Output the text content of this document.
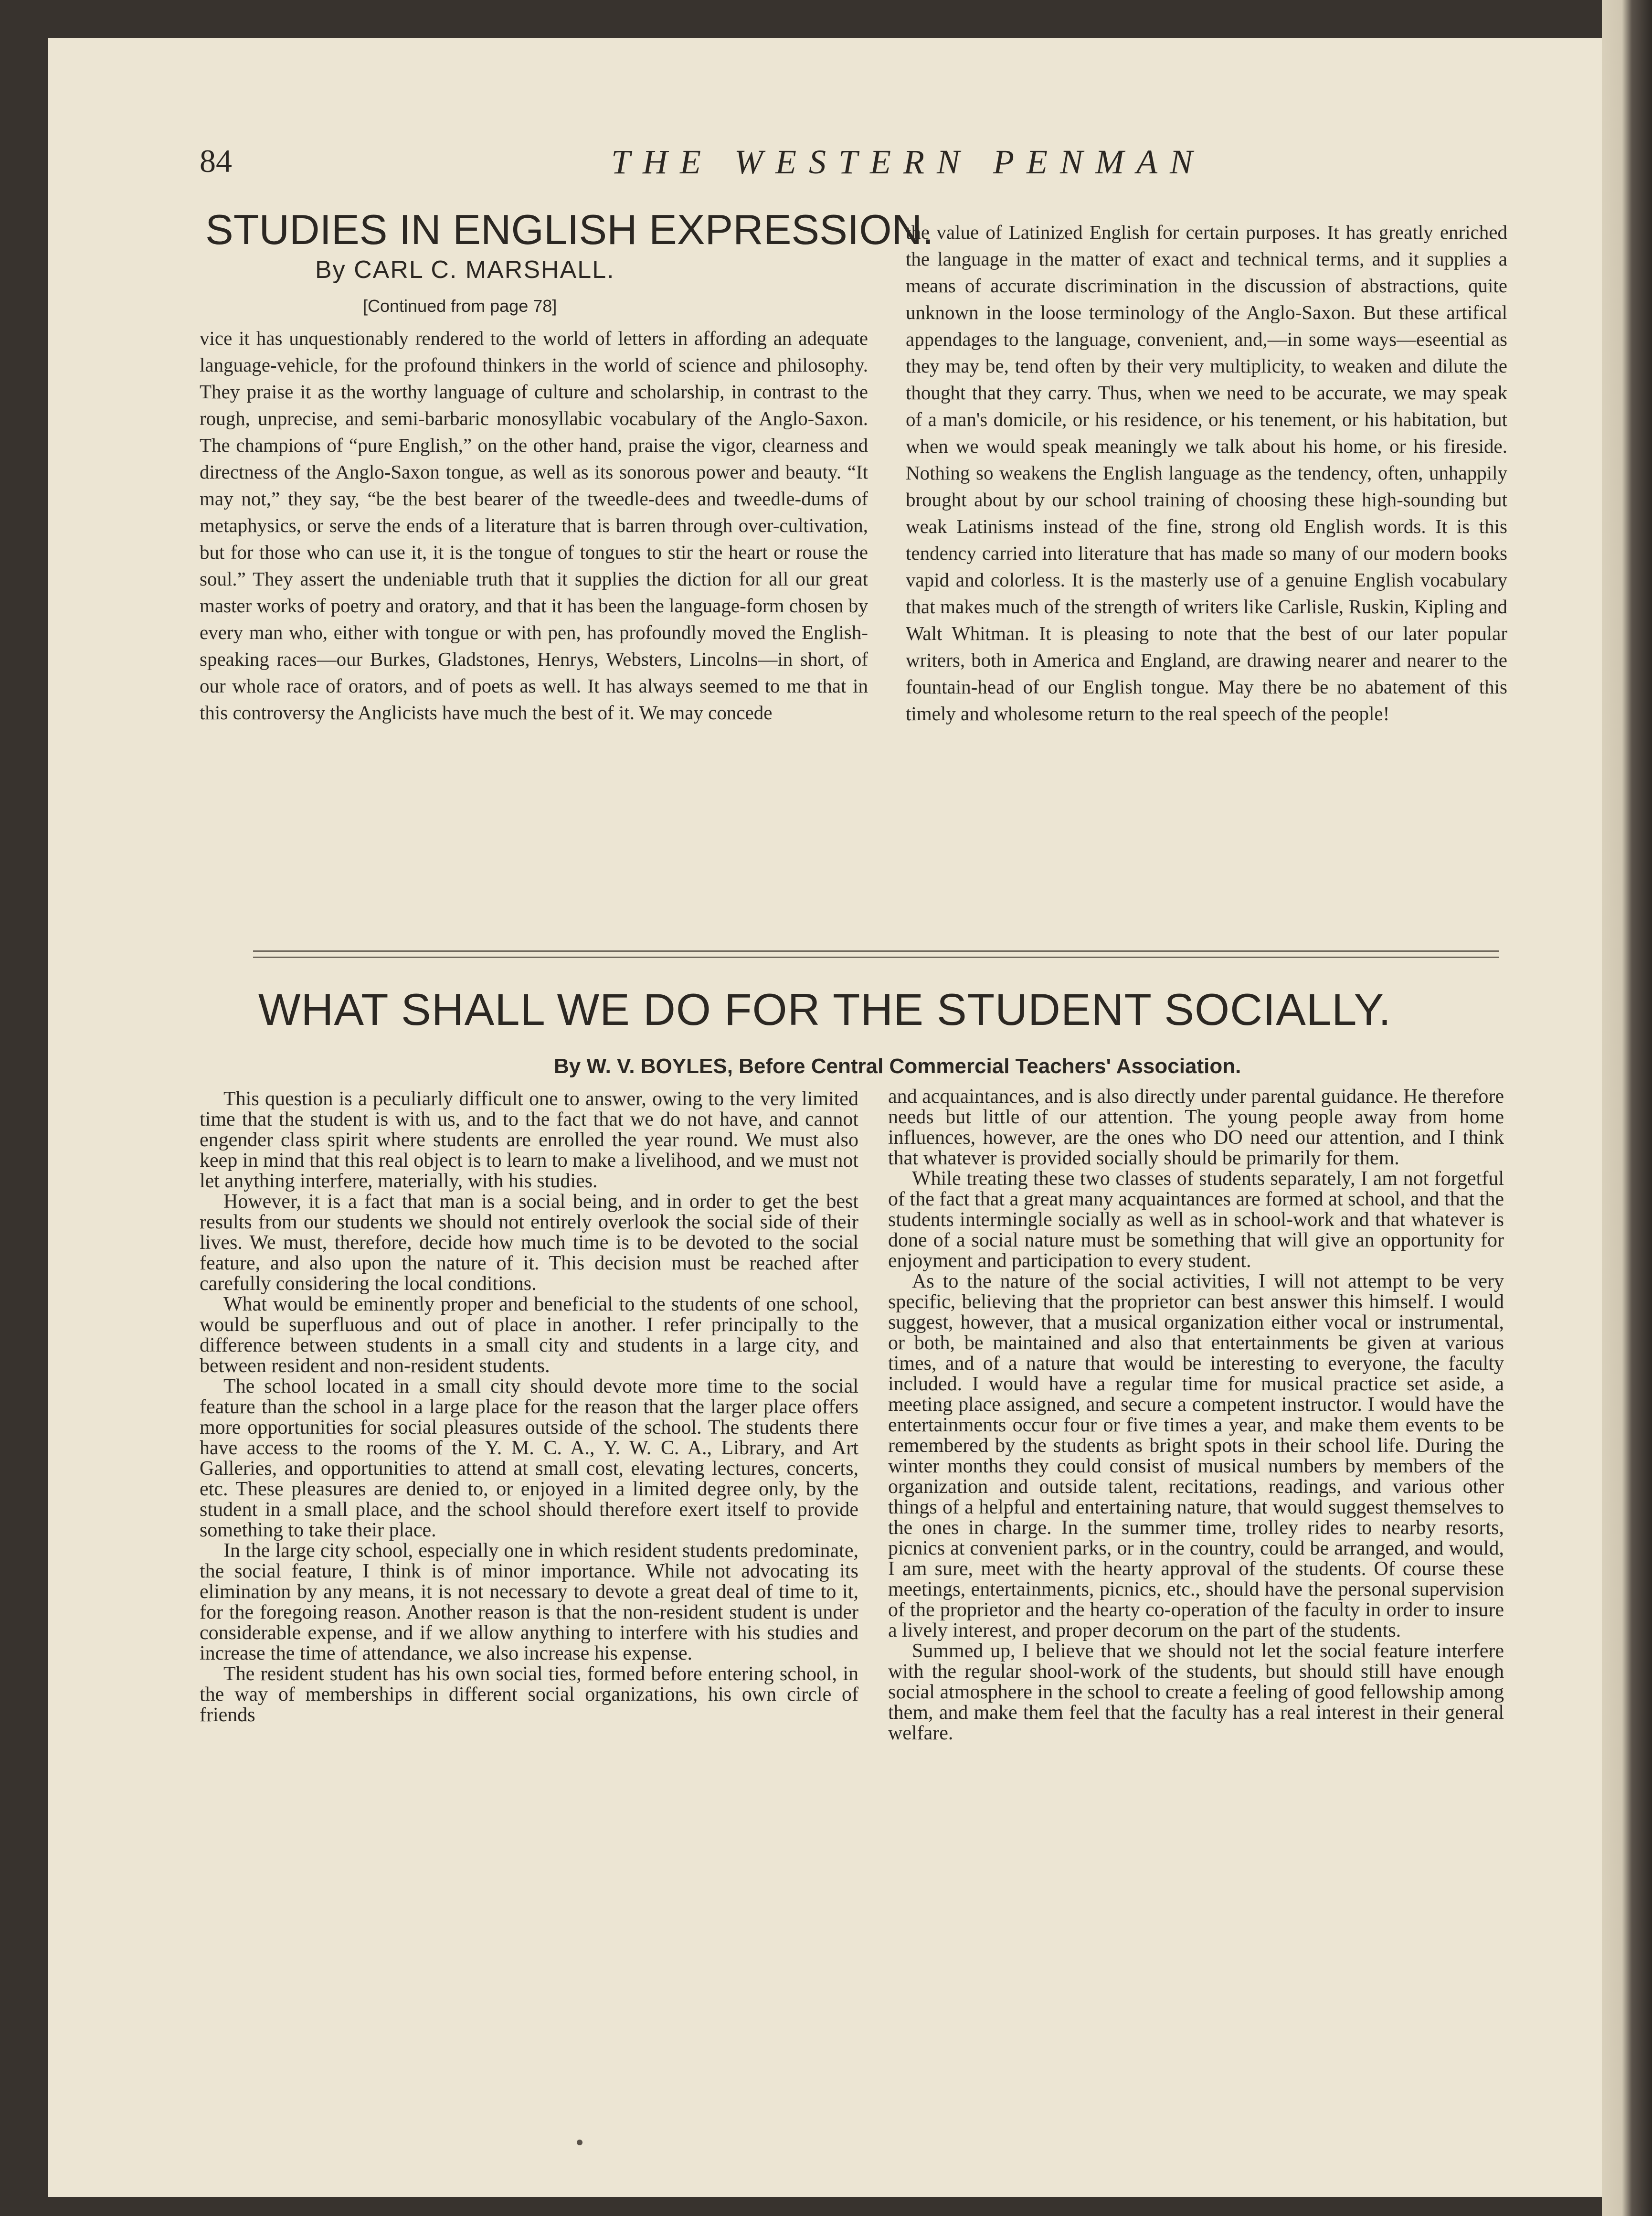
84	THE WESTERN PENMAN
STUDIES IN ENGLISH EXPRESSION.
By CARL C. MARSHALL.
[Continued from page 78]

vice it has unquestionably rendered to the world of letters in affording an adequate language-vehicle, for the profound thinkers in the world of science and philosophy. They praise it as the worthy language of culture and scholarship, in contrast to the rough, unprecise, and semi-barbaric monosyllabic vocabulary of the Anglo-Saxon. The champions of “pure English,” on the other hand, praise the vigor, clearness and directness of the Anglo-Saxon tongue, as well as its sonorous power and beauty. “It may not,” they say, “be the best bearer of the tweedle-dees and tweedle-dums of metaphysics, or serve the ends of a literature that is barren through over-cultivation, but for those who can use it, it is the tongue of tongues to stir the heart or rouse the soul.” They assert the undeniable truth that it supplies the diction for all our great master works of poetry and oratory, and that it has been the language-form chosen by every man who, either with tongue or with pen, has profoundly moved the English-speaking races—our Burkes, Gladstones, Henrys, Websters, Lincolns—in short, of our whole race of orators, and of poets as well. It has always seemed to me that in this controversy the Anglicists have much the best of it. We may concede

the value of Latinized English for certain purposes. It has greatly enriched the language in the matter of exact and technical terms, and it supplies a means of accurate discrimination in the discussion of abstractions, quite unknown in the loose terminology of the Anglo-Saxon. But these artifical appendages to the language, convenient, and,—in some ways—eseential as they may be, tend often by their very multiplicity, to weaken and dilute the thought that they carry. Thus, when we need to be accurate, we may speak of a man's domicile, or his residence, or his tenement, or his habitation, but when we would speak meaningly we talk about his home, or his fireside. Nothing so weakens the English language as the tendency, often, unhappily brought about by our school training of choosing these high-sounding but weak Latinisms instead of the fine, strong old English words. It is this tendency carried into literature that has made so many of our modern books vapid and colorless. It is the masterly use of a genuine English vocabulary that makes much of the strength of writers like Carlisle, Ruskin, Kipling and Walt Whitman. It is pleasing to note that the best of our later popular writers, both in America and England, are drawing nearer and nearer to the fountain-head of our English tongue. May there be no abatement of this timely and wholesome return to the real speech of the people!

WHAT SHALL WE DO FOR THE STUDENT SOCIALLY.
By W. V. BOYLES, Before Central Commercial Teachers' Association.

This question is a peculiarly difficult one to answer, owing to the very limited time that the student is with us, and to the fact that we do not have, and cannot engender class spirit where students are enrolled the year round. We must also keep in mind that this real object is to learn to make a livelihood, and we must not let anything interfere, materially, with his studies.

However, it is a fact that man is a social being, and in order to get the best results from our students we should not entirely overlook the social side of their lives. We must, therefore, decide how much time is to be devoted to the social feature, and also upon the nature of it. This decision must be reached after carefully considering the local conditions.

What would be eminently proper and beneficial to the students of one school, would be superfluous and out of place in another. I refer principally to the difference between students in a small city and students in a large city, and between resident and non-resident students.

The school located in a small city should devote more time to the social feature than the school in a large place for the reason that the larger place offers more opportunities for social pleasures outside of the school. The students there have access to the rooms of the Y. M. C. A., Y. W. C. A., Library, and Art Galleries, and opportunities to attend at small cost, elevating lectures, concerts, etc. These pleasures are denied to, or enjoyed in a limited degree only, by the student in a small place, and the school should therefore exert itself to provide something to take their place.

In the large city school, especially one in which resident students predominate, the social feature, I think is of minor importance. While not advocating its elimination by any means, it is not necessary to devote a great deal of time to it, for the foregoing reason. Another reason is that the non-resident student is under considerable expense, and if we allow anything to interfere with his studies and increase the time of attendance, we also increase his expense.

The resident student has his own social ties, formed before entering school, in the way of memberships in different social organizations, his own circle of friends

and acquaintances, and is also directly under parental guidance. He therefore needs but little of our attention. The young people away from home influences, however, are the ones who DO need our attention, and I think that whatever is provided socially should be primarily for them.

While treating these two classes of students separately, I am not forgetful of the fact that a great many acquaintances are formed at school, and that the students intermingle socially as well as in school-work and that whatever is done of a social nature must be something that will give an opportunity for enjoyment and participation to every student.

As to the nature of the social activities, I will not attempt to be very specific, believing that the proprietor can best answer this himself. I would suggest, however, that a musical organization either vocal or instrumental, or both, be maintained and also that entertainments be given at various times, and of a nature that would be interesting to everyone, the faculty included. I would have a regular time for musical practice set aside, a meeting place assigned, and secure a competent instructor. I would have the entertainments occur four or five times a year, and make them events to be remembered by the students as bright spots in their school life. During the winter months they could consist of musical numbers by members of the organization and outside talent, recitations, readings, and various other things of a helpful and entertaining nature, that would suggest themselves to the ones in charge. In the summer time, trolley rides to nearby resorts, picnics at convenient parks, or in the country, could be arranged, and would, I am sure, meet with the hearty approval of the students. Of course these meetings, entertainments, picnics, etc., should have the personal supervision of the proprietor and the hearty co-operation of the faculty in order to insure a lively interest, and proper decorum on the part of the students.

Summed up, I believe that we should not let the social feature interfere with the regular shool-work of the students, but should still have enough social atmosphere in the school to create a feeling of good fellowship among them, and make them feel that the faculty has a real interest in their general welfare.
